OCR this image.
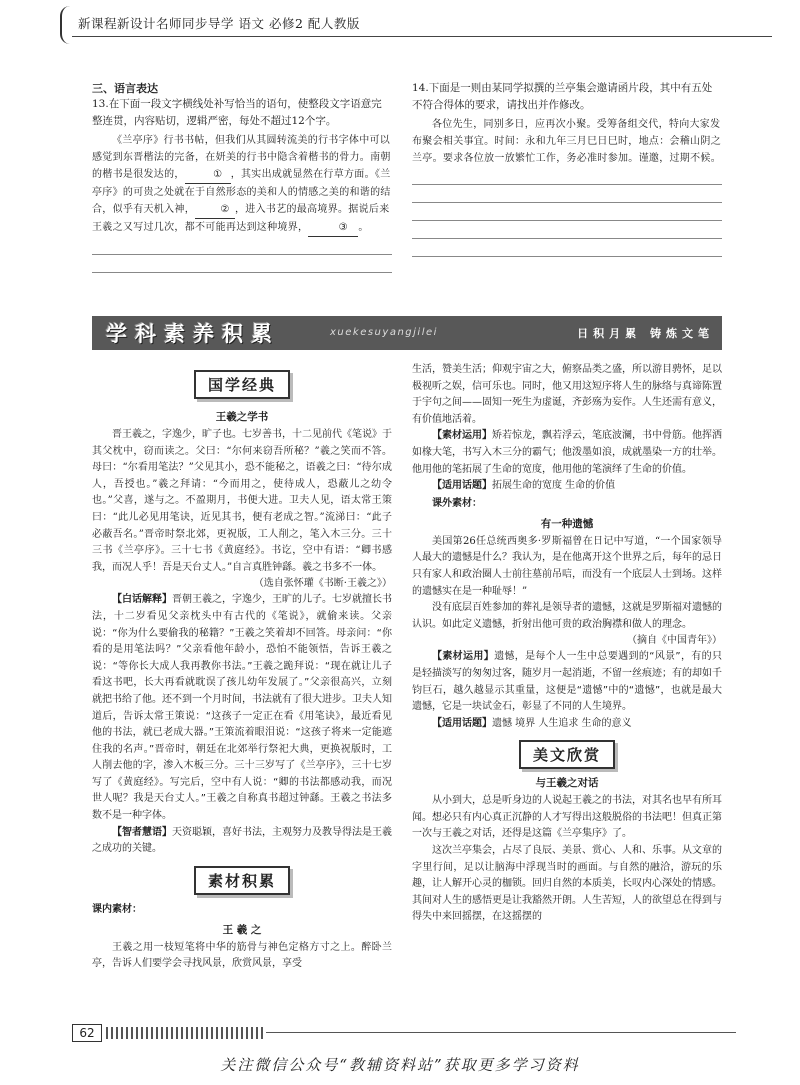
新课程新设计名师同步导学 语文 必修2 配人教版
三、语言表达

13.在下面一段文字横线处补写恰当的语句，使整段文字语意完整连贯，内容贴切，逻辑严密，每处不超过12个字。

《兰亭序》行书书帖，但我们从其圆转流美的行书字体中可以感觉到东晋楷法的完备，在妍美的行书中隐含着楷书的骨力。南朝的楷书是很发达的，	① ，其实出成就显然在行草方面。《兰亭序》的可贵之处就在于自然形态的美和人的情感之美的和谐的结合，似乎有天机入神，	② ，进入书艺的最高境界。据说后来王羲之又写过几次，都不可能再达到这种境界，	③ 。

14.下面是一则由某同学拟撰的兰亭集会邀请函片段，其中有五处不符合得体的要求，请找出并作修改。

各位先生，同别多日，应再次小聚。受筹备组交代，特向大家发布聚会相关事宜。时间：永和九年三月巳日巳时，地点：会稽山阴之兰亭。要求各位放一放繁忙工作，务必准时参加。谨邀，过期不候。

学科素养积累	xuekesuyangjilei	日积月累 铸炼文笔
国学经典
王羲之学书

晋王羲之，字逸少，旷子也。七岁善书，十二见前代《笔说》于其父枕中，窃而读之。父曰：“尔何来窃吾所秘？”羲之笑而不答。母曰：“尔看用笔法？”父见其小，恐不能秘之，语羲之曰：“待尔成人，吾授也。”羲之拜请：“今而用之，使待成人，恐蔽儿之幼令也。”父喜，遂与之。不盈期月，书便大进。卫夫人见，语太常王策曰：“此儿必见用笔诀，近见其书，便有老成之智。”流涕曰：“此子必蔽吾名。”晋帝时祭北郊，更祝版，工人削之，笔入木三分。三十三书《兰亭序》。三十七书《黄庭经》。书讫，空中有语：“卿书感我，而况人乎！吾是天台丈人。”自言真胜钟繇。羲之书多不一体。

（选自张怀瓘《书断·王羲之》）

【白话解释】晋朝王羲之，字逸少，王旷的儿子。七岁就擅长书法，十二岁看见父亲枕头中有古代的《笔说》，就偷来读。父亲说：“你为什么要偷我的秘籍？”王羲之笑着却不回答。母亲问：“你看的是用笔法吗？”父亲看他年龄小，恐怕不能领悟，告诉王羲之说：“等你长大成人我再教你书法。”王羲之跪拜说：“现在就让儿子看这书吧，长大再看就耽误了孩儿幼年发展了。”父亲很高兴，立刻就把书给了他。还不到一个月时间，书法就有了很大进步。卫夫人知道后，告诉太常王策说：“这孩子一定正在看《用笔诀》，最近看见他的书法，就已老成大器。”王策流着眼泪说：“这孩子将来一定能遮住我的名声。”晋帝时，朝廷在北郊举行祭祀大典，更换祝版时，工人削去他的字，渗入木板三分。三十三岁写了《兰亭序》，三十七岁写了《黄庭经》。写完后，空中有人说：“卿的书法都感动我，而况世人呢？我是天台丈人。”王羲之自称真书超过钟繇。王羲之书法多数不是一种字体。

【智者慧语】天资聪颖，喜好书法，主观努力及教导得法是王羲之成功的关键。

素材积累
课内素材：
王 羲 之

王羲之用一枝短笔将中华的筋骨与神色定格方寸之上。醉卧兰亭，告诉人们要学会寻找风景，欣赏风景，享受

生活，赞美生活；仰观宇宙之大，俯察品类之盛，所以游目骋怀，足以极视听之娱，信可乐也。同时，他又用这短序将人生的脉络与真谛陈置于宇句之间——固知一死生为虚诞，齐彭殇为妄作。人生还需有意义，有价值地活着。

【素材运用】矫若惊龙，飘若浮云，笔底波澜，书中骨筋。他挥洒如椽大笔，书写入木三分的霸气；他泼墨如浪，成就墨染一方的壮举。他用他的笔拓展了生命的宽度，他用他的笔演绎了生命的价值。

【适用话题】拓展生命的宽度 生命的价值

课外素材：
有一种遗憾

美国第26任总统西奥多·罗斯福曾在日记中写道，“一个国家领导人最大的遗憾是什么？我认为，是在他离开这个世界之后，每年的忌日只有家人和政治圈人士前往墓前吊唁，而没有一个底层人士到场。这样的遗憾实在是一种耻辱！”

没有底层百姓参加的葬礼是领导者的遗憾，这就是罗斯福对遗憾的认识。如此定义遗憾，折射出他可贵的政治胸襟和做人的理念。

（摘自《中国青年》）

【素材运用】遗憾，是每个人一生中总要遇到的“风景”，有的只是轻描淡写的匆匆过客，随岁月一起消逝，不留一丝痕迹；有的却如千钧巨石，越久越显示其重量，这便是“遗憾”中的“遗憾”，也就是最大遗憾，它是一块试金石，彰显了不同的人生境界。

【适用话题】遗憾 境界 人生追求 生命的意义

美文欣赏
与王羲之对话

从小到大，总是听身边的人说起王羲之的书法，对其名也早有所耳闻。想必只有内心真正沉静的人才写得出这般脱俗的书法吧！但真正第一次与王羲之对话，还得是这篇《兰亭集序》了。

这次兰亭集会，占尽了良辰、美景、赏心、人和、乐事。从文章的字里行间，足以让脑海中浮现当时的画面。与自然的融洽，游玩的乐趣，让人解开心灵的枷锁。回归自然的本质美，长叹内心深处的情感。其间对人生的感悟更是让我豁然开朗。人生苦短，人的欲望总在得到与得失中来回摇摆，在这摇摆的

62
关注微信公众号“教辅资料站”获取更多学习资料
